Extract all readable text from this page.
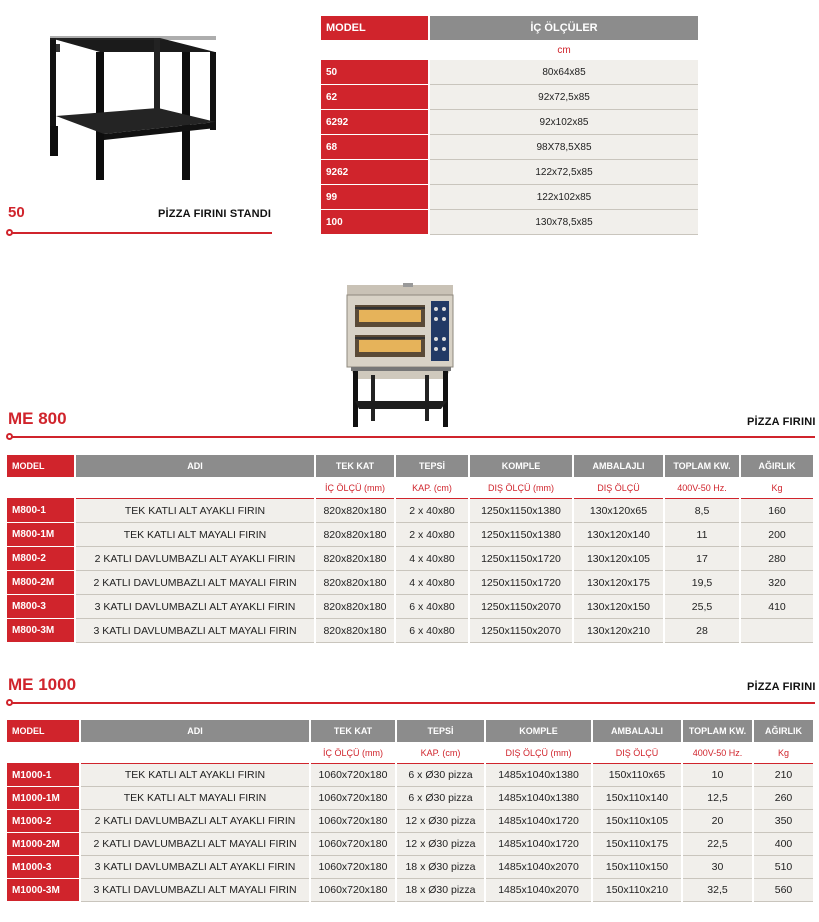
50	PİZZA FIRINI STANDI
MODEL	İÇ ÖLÇÜLER
	cm
50	80x64x85
62	92x72,5x85
6292	92x102x85
68	98X78,5X85
9262	122x72,5x85
99	122x102x85
100	130x78,5x85
ME 800	PİZZA FIRINI
MODEL	ADI	TEK KAT	TEPSİ	KOMPLE	AMBALAJLI	TOPLAM KW.	AĞIRLIK
		İÇ ÖLÇÜ (mm)	KAP. (cm)	DIŞ ÖLÇÜ (mm)	DIŞ ÖLÇÜ	400V-50 Hz.	Kg
M800-1	TEK KATLI ALT AYAKLI FIRIN	820x820x180	2 x 40x80	1250x1150x1380	130x120x65	8,5	160
M800-1M	TEK KATLI ALT MAYALI FIRIN	820x820x180	2 x 40x80	1250x1150x1380	130x120x140	11	200
M800-2	2 KATLI DAVLUMBAZLI ALT AYAKLI FIRIN	820x820x180	4 x 40x80	1250x1150x1720	130x120x105	17	280
M800-2M	2 KATLI DAVLUMBAZLI ALT MAYALI FIRIN	820x820x180	4 x 40x80	1250x1150x1720	130x120x175	19,5	320
M800-3	3 KATLI DAVLUMBAZLI ALT AYAKLI FIRIN	820x820x180	6 x 40x80	1250x1150x2070	130x120x150	25,5	410
M800-3M	3 KATLI DAVLUMBAZLI ALT MAYALI FIRIN	820x820x180	6 x 40x80	1250x1150x2070	130x120x210	28	
ME 1000	PİZZA FIRINI
MODEL	ADI	TEK KAT	TEPSİ	KOMPLE	AMBALAJLI	TOPLAM KW.	AĞIRLIK
		İÇ ÖLÇÜ (mm)	KAP. (cm)	DIŞ ÖLÇÜ (mm)	DIŞ ÖLÇÜ	400V-50 Hz.	Kg
M1000-1	TEK KATLI ALT AYAKLI FIRIN	1060x720x180	6 x Ø30 pizza	1485x1040x1380	150x110x65	10	210
M1000-1M	TEK KATLI ALT MAYALI FIRIN	1060x720x180	6 x Ø30 pizza	1485x1040x1380	150x110x140	12,5	260
M1000-2	2 KATLI DAVLUMBAZLI ALT AYAKLI FIRIN	1060x720x180	12 x Ø30 pizza	1485x1040x1720	150x110x105	20	350
M1000-2M	2 KATLI DAVLUMBAZLI ALT MAYALI FIRIN	1060x720x180	12 x Ø30 pizza	1485x1040x1720	150x110x175	22,5	400
M1000-3	3 KATLI DAVLUMBAZLI ALT AYAKLI FIRIN	1060x720x180	18 x Ø30 pizza	1485x1040x2070	150x110x150	30	510
M1000-3M	3 KATLI DAVLUMBAZLI ALT MAYALI FIRIN	1060x720x180	18 x Ø30 pizza	1485x1040x2070	150x110x210	32,5	560
